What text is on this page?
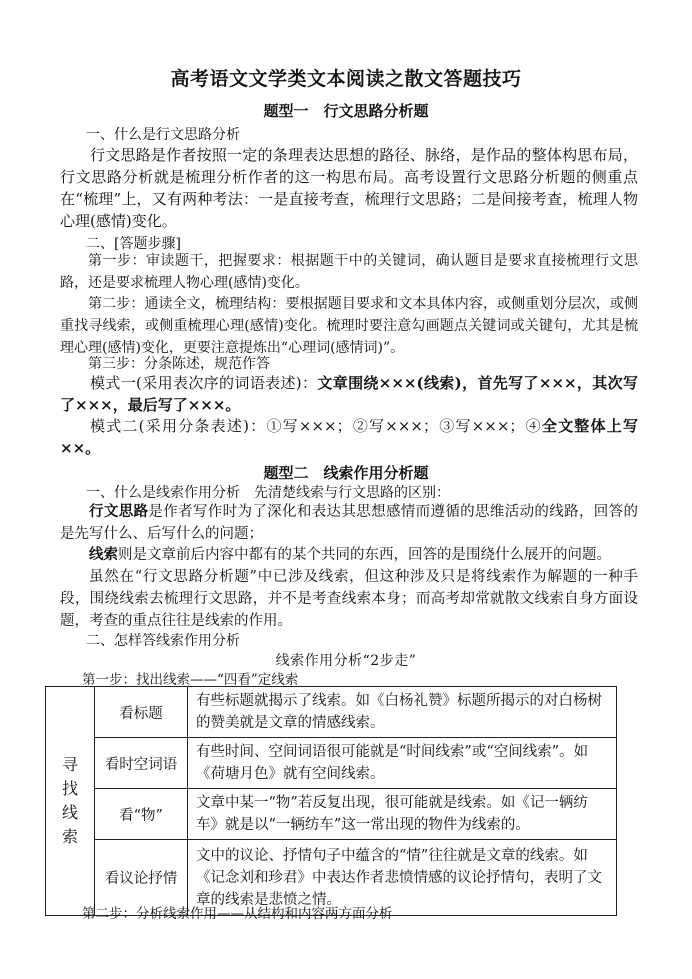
高考语文文学类文本阅读之散文答题技巧
题型一　行文思路分析题
一、什么是行文思路分析
行文思路是作者按照一定的条理表达思想的路径、脉络，是作品的整体构思布局，行文思路分析就是梳理分析作者的这一构思布局。高考设置行文思路分析题的侧重点在“梳理”上，又有两种考法：一是直接考查，梳理行文思路；二是间接考查，梳理人物心理(感情)变化。
二、[答题步骤]
第一步：审读题干，把握要求：根据题干中的关键词，确认题目是要求直接梳理行文思路，还是要求梳理人物心理(感情)变化。
第二步：通读全文，梳理结构：要根据题目要求和文本具体内容，或侧重划分层次，或侧重找寻线索，或侧重梳理心理(感情)变化。梳理时要注意勾画题点关键词或关键句，尤其是梳理心理(感情)变化，更要注意提炼出“心理词(感情词)”。
第三步：分条陈述，规范作答
模式一(采用表次序的词语表述)：文章围绕×××(线索)，首先写了×××，其次写了×××，最后写了×××。
模式二(采用分条表述)：①写×××；②写×××；③写×××；④全文整体上写××。
题型二　线索作用分析题
一、什么是线索作用分析　先清楚线索与行文思路的区别：
行文思路是作者写作时为了深化和表达其思想感情而遵循的思维活动的线路，回答的是先写什么、后写什么的问题；
线索则是文章前后内容中都有的某个共同的东西，回答的是围绕什么展开的问题。
虽然在“行文思路分析题”中已涉及线索，但这种涉及只是将线索作为解题的一种手段，围绕线索去梳理行文思路，并不是考查线索本身；而高考却常就散文线索自身方面设题，考查的重点往往是线索的作用。
二、怎样答线索作用分析
线索作用分析“2步走”
第一步：找出线索——“四看”定线索
寻找线索	看标题	有些标题就揭示了线索。如《白杨礼赞》标题所揭示的对白杨树的赞美就是文章的情感线索。
	看时空词语	有些时间、空间词语很可能就是“时间线索”或“空间线索”。如《荷塘月色》就有空间线索。
	看“物”	文章中某一“物”若反复出现，很可能就是线索。如《记一辆纺车》就是以“一辆纺车”这一常出现的物件为线索的。
	看议论抒情	文中的议论、抒情句子中蕴含的“情”往往就是文章的线索。如《记念刘和珍君》中表达作者悲愤情感的议论抒情句，表明了文章的线索是悲愤之情。
第二步：分析线索作用——从结构和内容两方面分析
